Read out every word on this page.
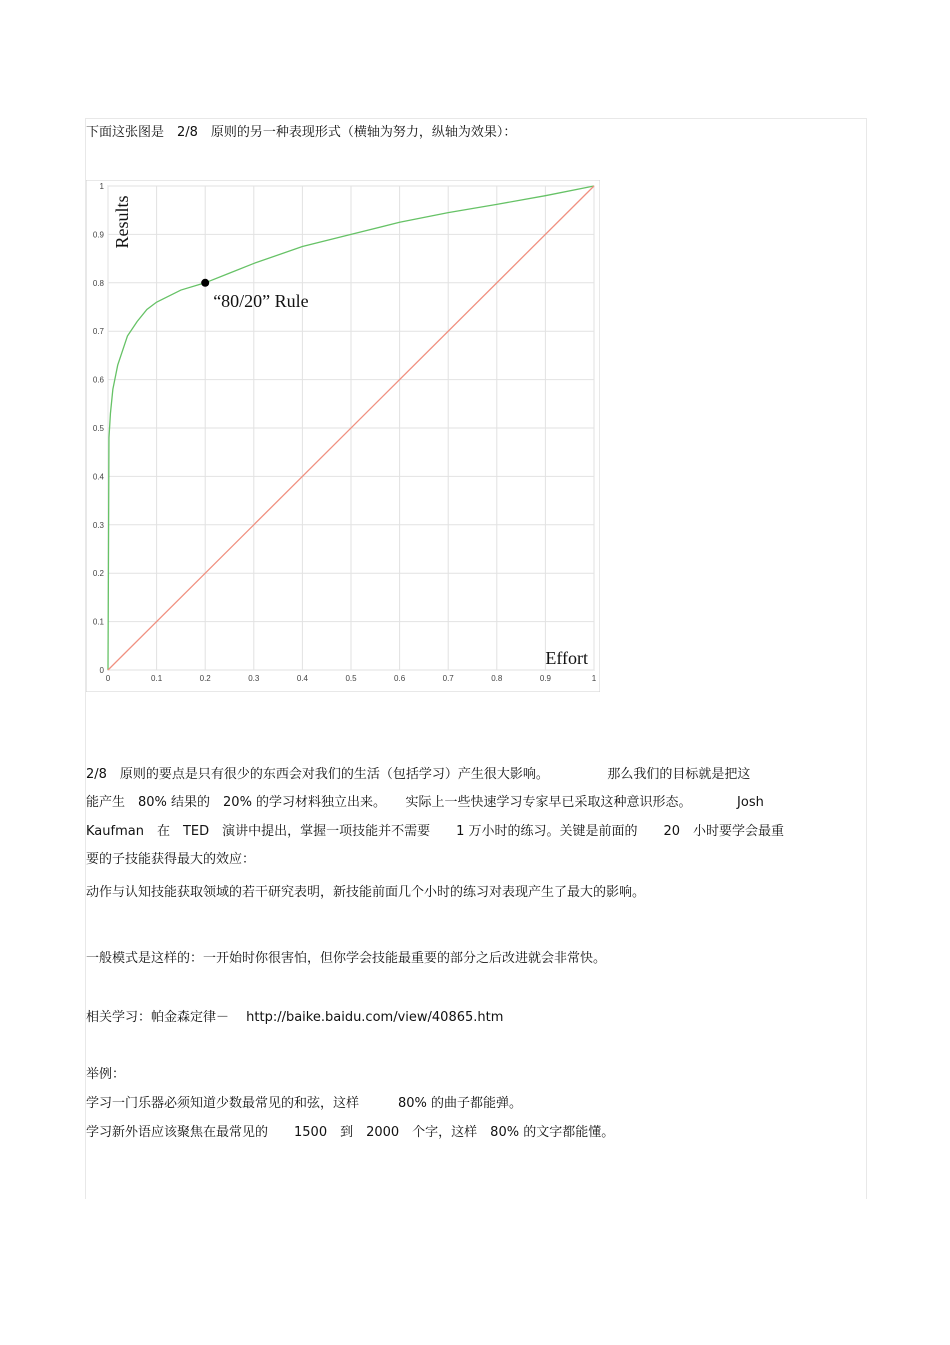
下面这张图是　2/8　原则的另一种表现形式（横轴为努力，纵轴为效果）：
0	0.1	0.2	0.3	0.4	0.5	0.6	0.7	0.8	0.9	1
0
0.1
0.2
0.3
0.4
0.5
0.6
0.7
0.8
0.9
1
“80/20” Rule
Results
Effort
2/8　原则的要点是只有很少的东西会对我们的生活（包括学习）产生很大影响。　　　　　那么我们的目标就是把这
能产生　80% 结果的　20% 的学习材料独立出来。　　实际上一些快速学习专家早已采取这种意识形态。　　　　Josh
Kaufman　在　TED　演讲中提出，掌握一项技能并不需要　　1 万小时的练习。关键是前面的　　20　小时要学会最重
要的子技能获得最大的效应：
动作与认知技能获取领域的若干研究表明，新技能前面几个小时的练习对表现产生了最大的影响。
一般模式是这样的：一开始时你很害怕，但你学会技能最重要的部分之后改进就会非常快。
相关学习：帕金森定律－　 http://baike.baidu.com/view/40865.htm
举例：
学习一门乐器必须知道少数最常见的和弦，这样　　　80% 的曲子都能弹。
学习新外语应该聚焦在最常见的　　1500　到　2000　个字，这样　80% 的文字都能懂。
